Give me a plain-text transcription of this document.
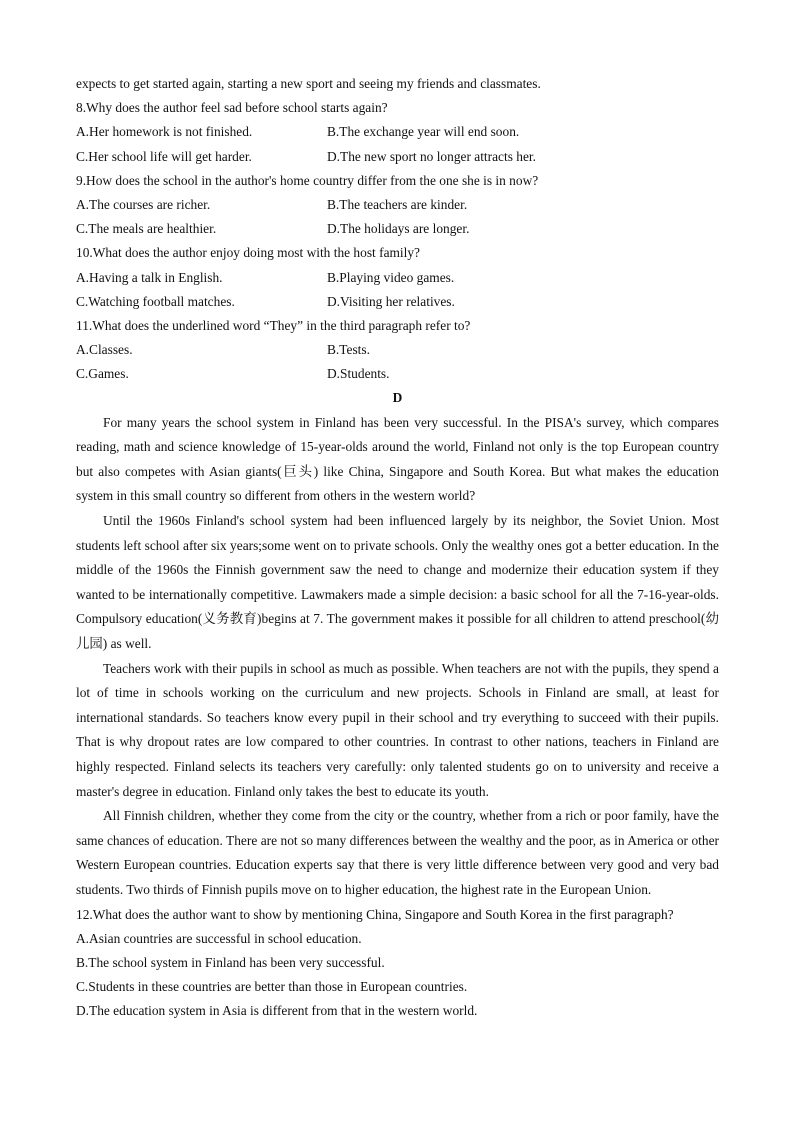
expects to get started again, starting a new sport and seeing my friends and classmates.
8.Why does the author feel sad before school starts again?
A.Her homework is not finished.	B.The exchange year will end soon.
C.Her school life will get harder.	D.The new sport no longer attracts her.
9.How does the school in the author's home country differ from the one she is in now?
A.The courses are richer.	B.The teachers are kinder.
C.The meals are healthier.	D.The holidays are longer.
10.What does the author enjoy doing most with the host family?
A.Having a talk in English.	B.Playing video games.
C.Watching football matches.	D.Visiting her relatives.
11.What does the underlined word “They” in the third paragraph refer to?
A.Classes.	B.Tests.
C.Games.	D.Students.
D

For many years the school system in Finland has been very successful. In the PISA's survey, which compares reading, math and science knowledge of 15-year-olds around the world, Finland not only is the top European country but also competes with Asian giants(巨头) like China, Singapore and South Korea. But what makes the education system in this small country so different from others in the western world?

Until the 1960s Finland's school system had been influenced largely by its neighbor, the Soviet Union. Most students left school after six years;some went on to private schools. Only the wealthy ones got a better education. In the middle of the 1960s the Finnish government saw the need to change and modernize their education system if they wanted to be internationally competitive. Lawmakers made a simple decision: a basic school for all the 7-16-year-olds. Compulsory education(义务教育)begins at 7. The government makes it possible for all children to attend preschool(幼儿园) as well.

Teachers work with their pupils in school as much as possible. When teachers are not with the pupils, they spend a lot of time in schools working on the curriculum and new projects. Schools in Finland are small, at least for international standards. So teachers know every pupil in their school and try everything to succeed with their pupils. That is why dropout rates are low compared to other countries. In contrast to other nations, teachers in Finland are highly respected. Finland selects its teachers very carefully: only talented students go on to university and receive a master's degree in education. Finland only takes the best to educate its youth.

All Finnish children, whether they come from the city or the country, whether from a rich or poor family, have the same chances of education. There are not so many differences between the wealthy and the poor, as in America or other Western European countries. Education experts say that there is very little difference between very good and very bad students. Two thirds of Finnish pupils move on to higher education, the highest rate in the European Union.

12.What does the author want to show by mentioning China, Singapore and South Korea in the first paragraph?
A.Asian countries are successful in school education.
B.The school system in Finland has been very successful.
C.Students in these countries are better than those in European countries.
D.The education system in Asia is different from that in the western world.
